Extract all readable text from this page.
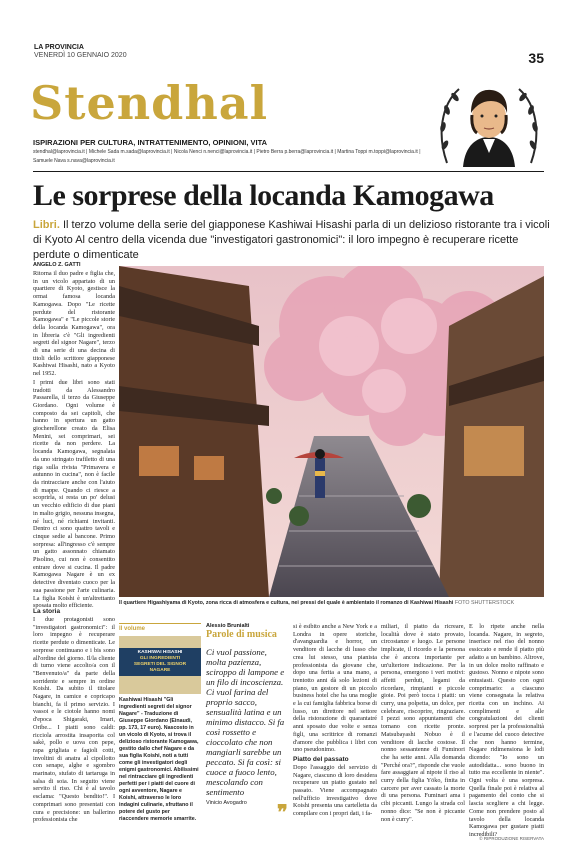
LA PROVINCIA
VENERDÌ 10 GENNAIO 2020	35
Stendhal
ISPIRAZIONI PER CULTURA, INTRATTENIMENTO, OPINIONI, VITA
stendhal@laprovincia.it | Michele Sada m.sada@laprovincia.it | Nicola Nenci n.nenci@laprovincia.it | Pietro Berra p.berra@laprovincia.it | Martina Toppi m.toppi@laprovincia.it | Samuele Nava s.nava@laprovincia.it
Le sorprese della locanda Kamogawa
Libri. Il terzo volume della serie del giapponese Kashiwai Hisashi parla di un delizioso ristorante tra i vicoli di Kyoto Al centro della vicenda due "investigatori gastronomici": il loro impegno è recuperare ricette perdute o dimenticate
ANGELO Z. GATTI

Ritorna il duo padre e figlia che, in un vicolo appartato di un quartiere di Kyoto, gestisce la ormai famosa locanda Kamogawa. Dopo "Le ricette perdute del ristorante Kamogawa" e "Le piccole storie della locanda Kamogawa", ora in libreria c'è "Gli ingredienti segreti del signor Nagare", terzo di una serie di una decina di titoli dello scrittore giapponese Kashiwai Hisashi, nato a Kyoto nel 1952.

I primi due libri sono stati tradotti da Alessandro Passarella, il terzo da Giuseppe Giordano. Ogni volume è composto da sei capitoli, che hanno in spertura un gatto giocherellone creato da Elisa Menini, sei comprimari, sei ricette da non perdere. La locanda Kamogawa, segnalata da uno stringato trafiletto di una riga sulla rivista "Primavera e autunno in cucina", non è facile da rintracciare anche con l'aiuto di mappe. Quando ci riesce a scoprirla, si resta un po' delusi un vecchio edificio di due piani in malto grigio, nessuna insegna, né luci, né richiami invitanti. Dentro ci sono quattro tavoli e cinque sedie al bancone. Primo sorpresa: all'ingresso c'è sempre un gatto assonnato chiamato Pisolino, cui non è consentito entrare dove si cucina. Il padre Kamogawa Nagare è un ex detective diventato cuoco per la sua passione per l'arte culinaria. La figlia Koishi è un'altrettanto sposata molto efficiente.	Il quartiere Higashiyama di Kyoto, zona ricca di atmosfera e cultura, nei pressi del quale è ambientato il romanzo di Kashiwai Hisashi FOTO SHUTTERSTOCK
La storia
I due protagonisti sono "investigatori gastronomici": il loro impegno è recuperare ricette perdute o dimenticate. Le sorprese continuano e i bis sono all'ordine del giorno. Il/la cliente di turno viene accolto/a con il "Benvenuto/a" da parte della sorridente e sempre in ordine Koishi. Da subito il titolare Nagare, in camice e copricapo bianchi, fa il primo servizio. I vassoi e le ciotole hanno nomi d'epoca Shigaraki, Imari, Oribe... I piatti sono caldi: ricciola arrostita insaporita col sakè, pollo e uova con pepe, rapa grigliata e fagioli cotti, involtini di anatra al cipollotto con senape, alghe e sgombro marinato, stufato di tartaruga in salsa di soia. In seguito viene servito il riso. Chi è al tavolo esclama: "Questo bendito!". I comprimari sono presentati con cura e precisione: un ballerino professionista che
Il volume
KASHIWAI HISASHI
GLI INGREDIENTI
SEGRETI DEL SIGNOR
NAGARE
Kashiwai Hisashi "Gli ingredienti segreti del signor Nagare" - Traduzione di Giuseppe Giordano (Einaudi, pp. 173, 17 euro). Nascosto in un vicolo di Kyoto, si trova il delizioso ristorante Kamogawa, gestito dallo chef Nagare e da sua figlia Koishi, noti a tutti come gli investigatori degli enigmi gastronomici. Abilissimi nel rintracciare gli ingredienti perfetti per i piatti del cuore di ogni avventore, Nagare e Koishi, attraverso le loro indagini culinarie, sfruttano il potere del gusto per riaccendere memorie smarrite.
Alessio Brunialti
Parole di musica
Ci vuol passione, molta pazienza, sciroppo di lampone e un filo di incoscienza. Ci vuol farina del proprio sacco, sensualità latina e un minimo distacco. Si fa così rossetto e cioccolato che non mangiarli sarebbe un peccato. Si fa così: si cuoce a fuoco lento, mescolando con sentimento
Vinicio Avogadro	❞
si è esibito anche a New York e a Londra in opere storiche, d'avanguardia e horror, un venditore di lacche di lusso che crea lui stesso, una pianista professionista da giovane che, dopo una ferita a una mano, a trentotto anni dà solo lezioni di piano, un gestore di un piccolo business hotel che ha una moglie e la cui famiglia fabbrica borse di lusso, un direttore nel settore della ristorazione di quarantatré anni sposato due volte e senza figli, una scrittrice di romanzi d'amore che pubblica i libri con uno pseudonimo.
Piatto del passato
Dopo l'assaggio del servizio di Nagare, ciascuno di loro desidera recuperare un piatto gustato nel passato. Viene accompagnato nell'ufficio investigativo dove Koishi presenta una cartelletta da compilare con i propri dati, i fa-
miliari, il piatto da ricreare, località dove è stato provato, circostanze e luogo. Le persone implicate, il ricordo e la persona che è ancora importante per un'ulteriore indicazione. Per la persona, emergono i veri motivi: affetti perduti, legami da ricordare, rimpianti e piccole gioie. Poi però tocca i piatti: un curry, una polpetta, un dolce, per celebrare, riscoprire, ringraziare. I pezzi sono appuntamenti che tornano con ricette pronte. Matsubayashi Nobuo è il venditore di lacche costose. Il nonno sessantenne di Fuminori che ha sette anni. Alla domanda "Perché ora?", risponde che vuole fare assaggiare al nipote il riso al curry della figlia Yōko, finita in carcere per aver cassato la morte di una persona. Fuminari ama i cibi piccanti. Lungo la strada col nonno dice: "Se non è piccante non è curry".
E lo ripete anche nella locanda. Nagare, in segreto, inserisce nel riso del nonno essiccato e rende il piatto più adatto a un bambino. Altrove, in un dolce molto raffinato e gustoso. Nonno e nipote sono entusiasti. Questo con ogni comprimario: a ciascuno viene consegnata la relativa ricetta con un inchino. Ai complimenti e alle congratulazioni dei clienti sorpresi per la professionalità e l'acume del cuoco detective che non hanno termine, Nagare ridimensiona le lodi dicendo: "Io sono un autodidatta... sono buono in tutto ma eccellente in niente". Ogni volta è una sorpresa. Quella finale poi è relativa al pagamento del conto che si lascia scegliere a chi legge. Come non prendere posto al tavolo della locanda Kamogawa per gustare piatti incredibili?
© RIPRODUZIONE RISERVATA
